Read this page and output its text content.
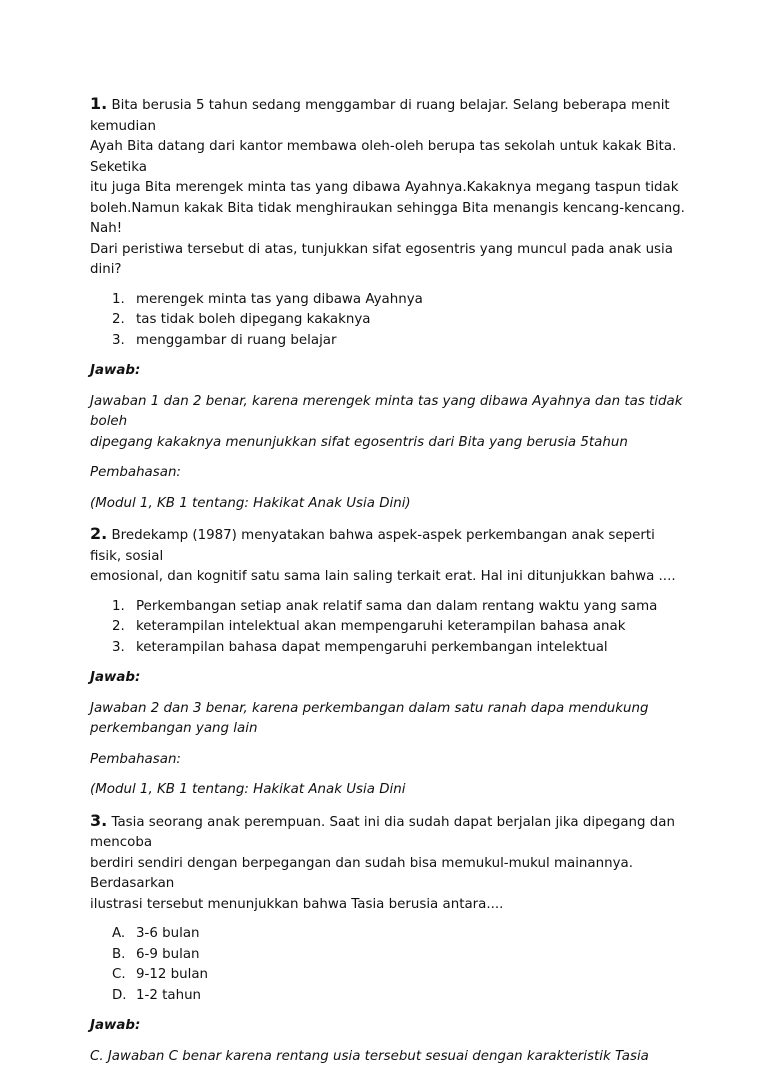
1. Bita berusia 5 tahun sedang menggambar di ruang belajar. Selang beberapa menit kemudian
Ayah Bita datang dari kantor membawa oleh-oleh berupa tas sekolah untuk kakak Bita. Seketika
itu juga Bita merengek minta tas yang dibawa Ayahnya.Kakaknya megang taspun tidak
boleh.Namun kakak Bita tidak menghiraukan sehingga Bita menangis kencang-kencang. Nah!
Dari peristiwa tersebut di atas, tunjukkan sifat egosentris yang muncul pada anak usia dini?

1. merengek minta tas yang dibawa Ayahnya
2. tas tidak boleh dipegang kakaknya
3. menggambar di ruang belajar

Jawab:

Jawaban 1 dan 2 benar, karena merengek minta tas yang dibawa Ayahnya dan tas tidak boleh
dipegang kakaknya menunjukkan sifat egosentris dari Bita yang berusia 5tahun

Pembahasan:

(Modul 1, KB 1 tentang: Hakikat Anak Usia Dini)

2. Bredekamp (1987) menyatakan bahwa aspek-aspek perkembangan anak seperti fisik, sosial
emosional, dan kognitif satu sama lain saling terkait erat. Hal ini ditunjukkan bahwa ....

1. Perkembangan setiap anak relatif sama dan dalam rentang waktu yang sama
2. keterampilan intelektual akan mempengaruhi keterampilan bahasa anak
3. keterampilan bahasa dapat mempengaruhi perkembangan intelektual

Jawab:

Jawaban 2 dan 3 benar, karena perkembangan dalam satu ranah dapa mendukung
perkembangan yang lain

Pembahasan:

(Modul 1, KB 1 tentang: Hakikat Anak Usia Dini

3. Tasia seorang anak perempuan. Saat ini dia sudah dapat berjalan jika dipegang dan mencoba
berdiri sendiri dengan berpegangan dan sudah bisa memukul-mukul mainannya. Berdasarkan
ilustrasi tersebut menunjukkan bahwa Tasia berusia antara....

A. 3-6 bulan
B. 6-9 bulan
C. 9-12 bulan
D. 1-2 tahun

Jawab:

C. Jawaban C benar karena rentang usia tersebut sesuai dengan karakteristik Tasia
